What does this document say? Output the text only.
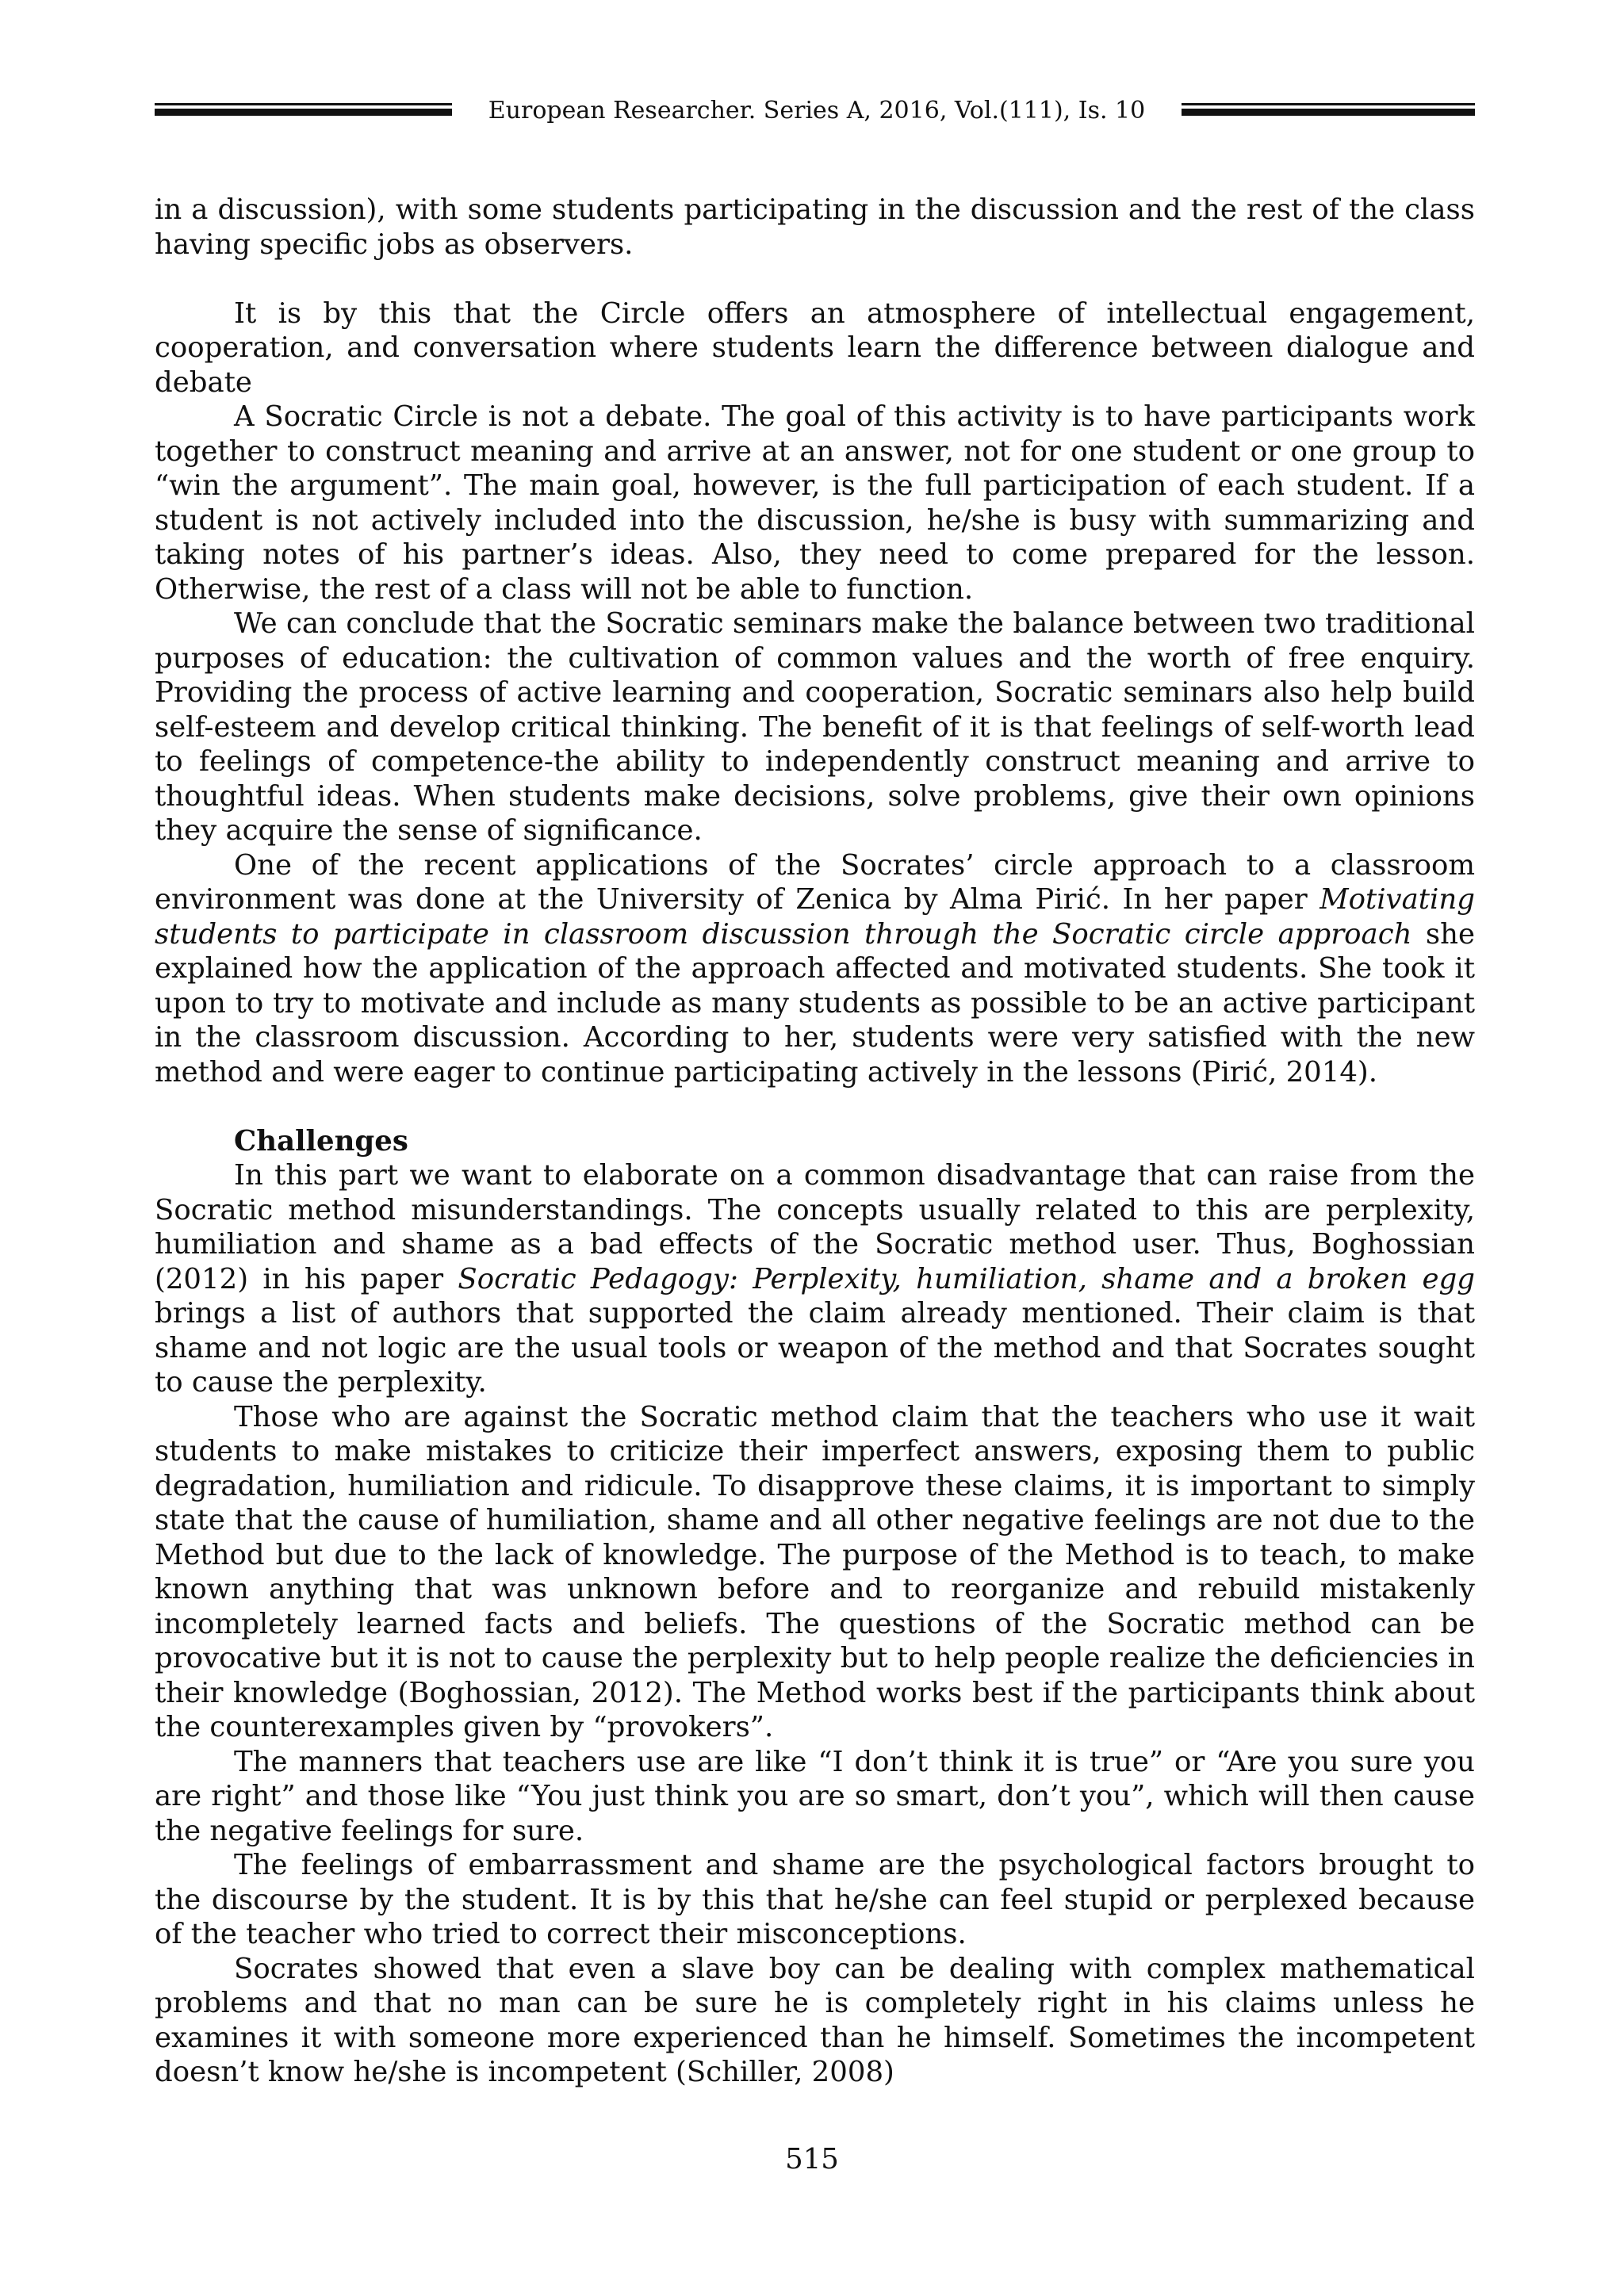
European Researcher. Series A, 2016, Vol.(111), Is. 10

in a discussion), with some students participating in the discussion and the rest of the class having specific jobs as observers.

It is by this that the Circle offers an atmosphere of intellectual engagement, cooperation, and conversation where students learn the difference between dialogue and debate

A Socratic Circle is not a debate. The goal of this activity is to have participants work together to construct meaning and arrive at an answer, not for one student or one group to “win the argument”. The main goal, however, is the full participation of each student. If a student is not actively included into the discussion, he/she is busy with summarizing and taking notes of his partner’s ideas. Also, they need to come prepared for the lesson. Otherwise, the rest of a class will not be able to function.

We can conclude that the Socratic seminars make the balance between two traditional purposes of education: the cultivation of common values and the worth of free enquiry. Providing the process of active learning and cooperation, Socratic seminars also help build self-esteem and develop critical thinking. The benefit of it is that feelings of self-worth lead to feelings of competence-the ability to independently construct meaning and arrive to thoughtful ideas. When students make decisions, solve problems, give their own opinions they acquire the sense of significance.

One of the recent applications of the Socrates’ circle approach to a classroom environment was done at the University of Zenica by Alma Pirić. In her paper Motivating students to participate in classroom discussion through the Socratic circle approach she explained how the application of the approach affected and motivated students. She took it upon to try to motivate and include as many students as possible to be an active participant in the classroom discussion. According to her, students were very satisfied with the new method and were eager to continue participating actively in the lessons (Pirić, 2014).

Challenges

In this part we want to elaborate on a common disadvantage that can raise from the Socratic method misunderstandings. The concepts usually related to this are perplexity, humiliation and shame as a bad effects of the Socratic method user. Thus, Boghossian (2012) in his paper Socratic Pedagogy: Perplexity, humiliation, shame and a broken egg brings a list of authors that supported the claim already mentioned. Their claim is that shame and not logic are the usual tools or weapon of the method and that Socrates sought to cause the perplexity.

Those who are against the Socratic method claim that the teachers who use it wait students to make mistakes to criticize their imperfect answers, exposing them to public degradation, humiliation and ridicule. To disapprove these claims, it is important to simply state that the cause of humiliation, shame and all other negative feelings are not due to the Method but due to the lack of knowledge. The purpose of the Method is to teach, to make known anything that was unknown before and to reorganize and rebuild mistakenly incompletely learned facts and beliefs. The questions of the Socratic method can be provocative but it is not to cause the perplexity but to help people realize the deficiencies in their knowledge (Boghossian, 2012). The Method works best if the participants think about the counterexamples given by “provokers”.

The manners that teachers use are like “I don’t think it is true” or “Are you sure you are right” and those like “You just think you are so smart, don’t you”, which will then cause the negative feelings for sure.

The feelings of embarrassment and shame are the psychological factors brought to the discourse by the student. It is by this that he/she can feel stupid or perplexed because of the teacher who tried to correct their misconceptions.

Socrates showed that even a slave boy can be dealing with complex mathematical problems and that no man can be sure he is completely right in his claims unless he examines it with someone more experienced than he himself. Sometimes the incompetent doesn’t know he/she is incompetent (Schiller, 2008)

515
